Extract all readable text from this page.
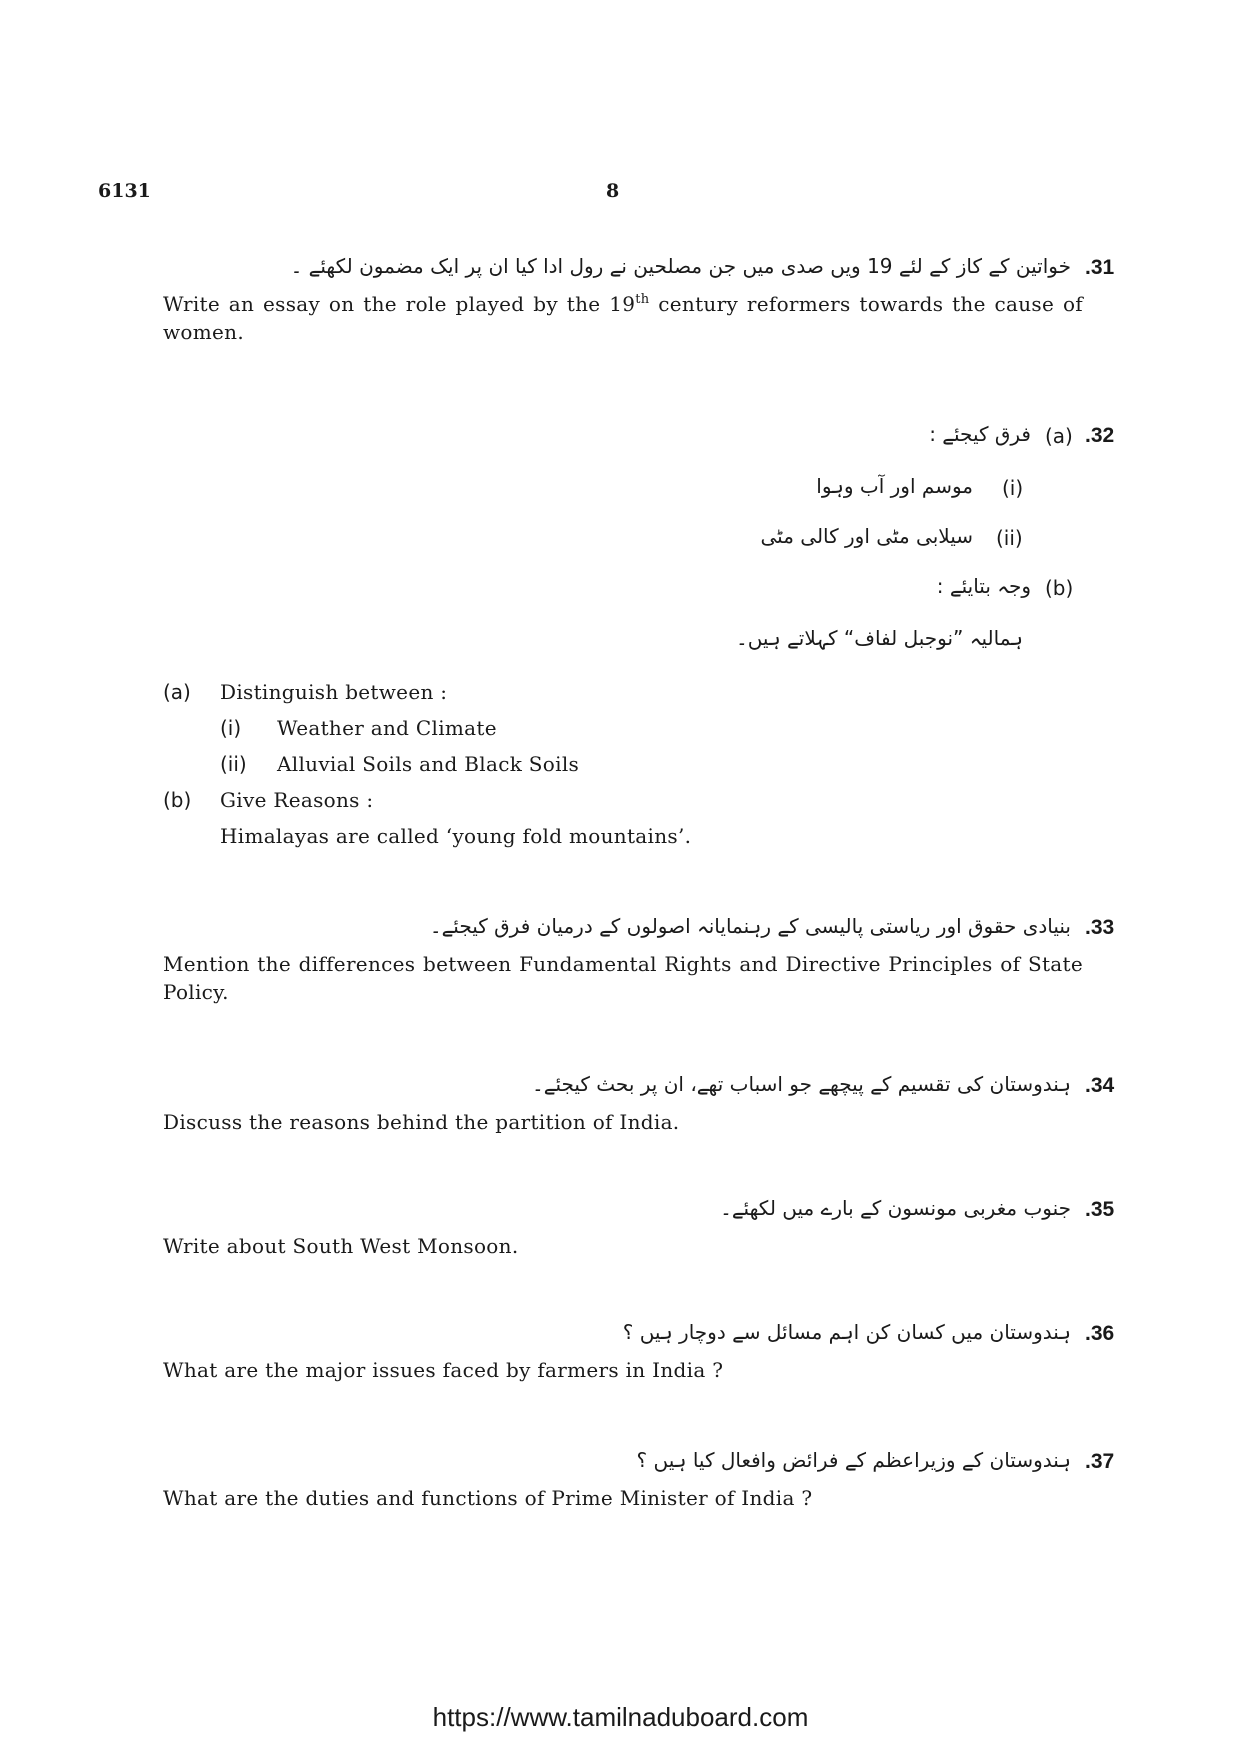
6131	8
.31
خواتین کے کاز کے لئے 19 ویں صدی میں جن مصلحین نے رول ادا کیا ان پر ایک مضمون لکھئے ۔
Write an essay on the role played by the 19th century reformers towards the cause of women.
.32
(a)
فرق کیجئے :
(i)
موسم اور آب وہوا
(ii)
سیلابی مٹی اور کالی مٹی
(b)
وجہ بتایئے :
ہمالیہ ”نوجبل لفاف“ کہلاتے ہیں۔
(a) Distinguish between :
(i) Weather and Climate
(ii) Alluvial Soils and Black Soils
(b) Give Reasons :
Himalayas are called ‘young fold mountains’.
.33
بنیادی حقوق اور ریاستی پالیسی کے رہنمایانہ اصولوں کے درمیان فرق کیجئے۔
Mention the differences between Fundamental Rights and Directive Principles of State Policy.
.34
ہندوستان کی تقسیم کے پیچھے جو اسباب تھے، ان پر بحث کیجئے۔
Discuss the reasons behind the partition of India.
.35
جنوب مغربی مونسون کے بارے میں لکھئے۔
Write about South West Monsoon.
.36
ہندوستان میں کسان کن اہم مسائل سے دوچار ہیں ؟
What are the major issues faced by farmers in India ?
.37
ہندوستان کے وزیراعظم کے فرائض وافعال کیا ہیں ؟
What are the duties and functions of Prime Minister of India ?
https://www.tamilnaduboard.com
